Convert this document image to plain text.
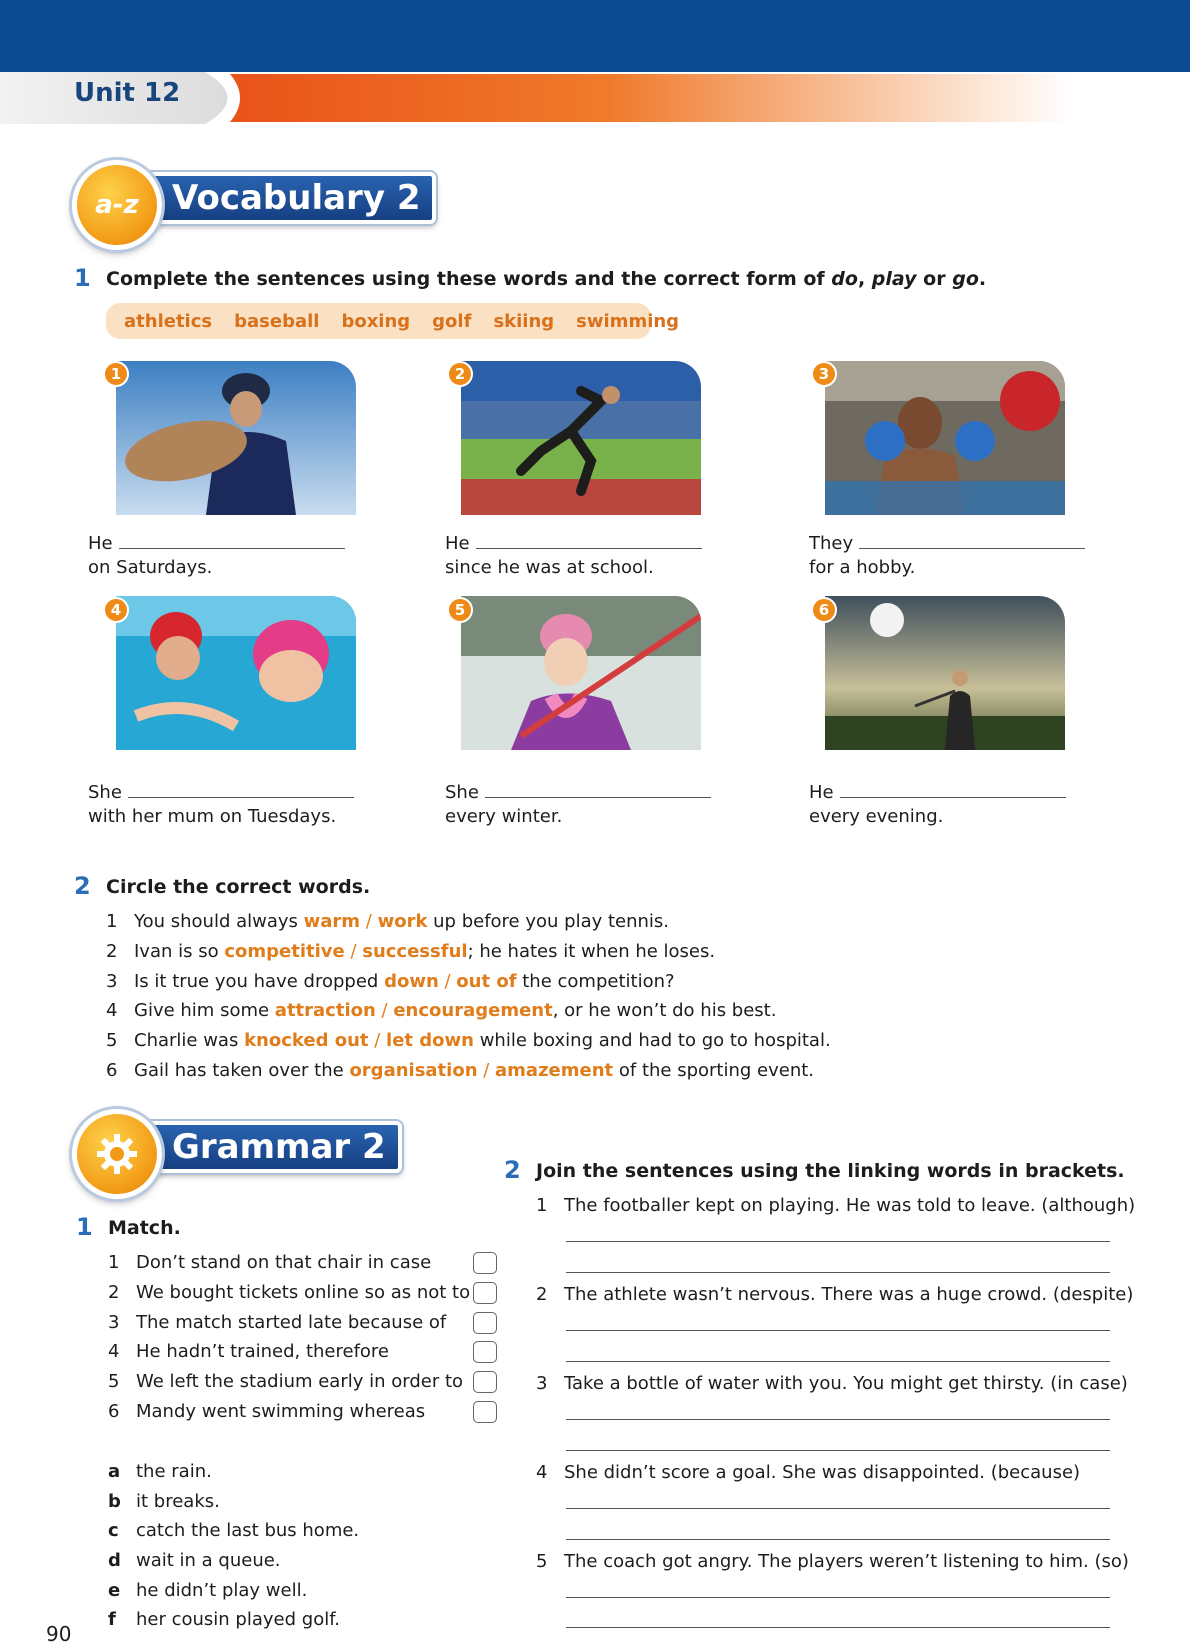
Unit 12
Vocabulary 2
a-z
1 Complete the sentences using these words and the correct form of do, play or go.
athletics baseball boxing golf skiing swimming
1	2	3
He
on Saturdays.
He
since he was at school.
They
for a hobby.
4	5	6
She
with her mum on Tuesdays.
She
every winter.
He
every evening.
2 Circle the correct words.
1 You should always warm / work up before you play tennis.
2 Ivan is so competitive / successful; he hates it when he loses.
3 Is it true you have dropped down / out of the competition?
4 Give him some attraction / encouragement, or he won’t do his best.
5 Charlie was knocked out / let down while boxing and had to go to hospital.
6 Gail has taken over the organisation / amazement of the sporting event.
Grammar 2
1 Match.
1 Don’t stand on that chair in case
2 We bought tickets online so as not to
3 The match started late because of
4 He hadn’t trained, therefore
5 We left the stadium early in order to
6 Mandy went swimming whereas
a the rain.
b it breaks.
c catch the last bus home.
d wait in a queue.
e he didn’t play well.
f her cousin played golf.
2 Join the sentences using the linking words in brackets.
1 The footballer kept on playing. He was told to leave. (although)
2 The athlete wasn’t nervous. There was a huge crowd. (despite)
3 Take a bottle of water with you. You might get thirsty. (in case)
4 She didn’t score a goal. She was disappointed. (because)
5 The coach got angry. The players weren’t listening to him. (so)
90
